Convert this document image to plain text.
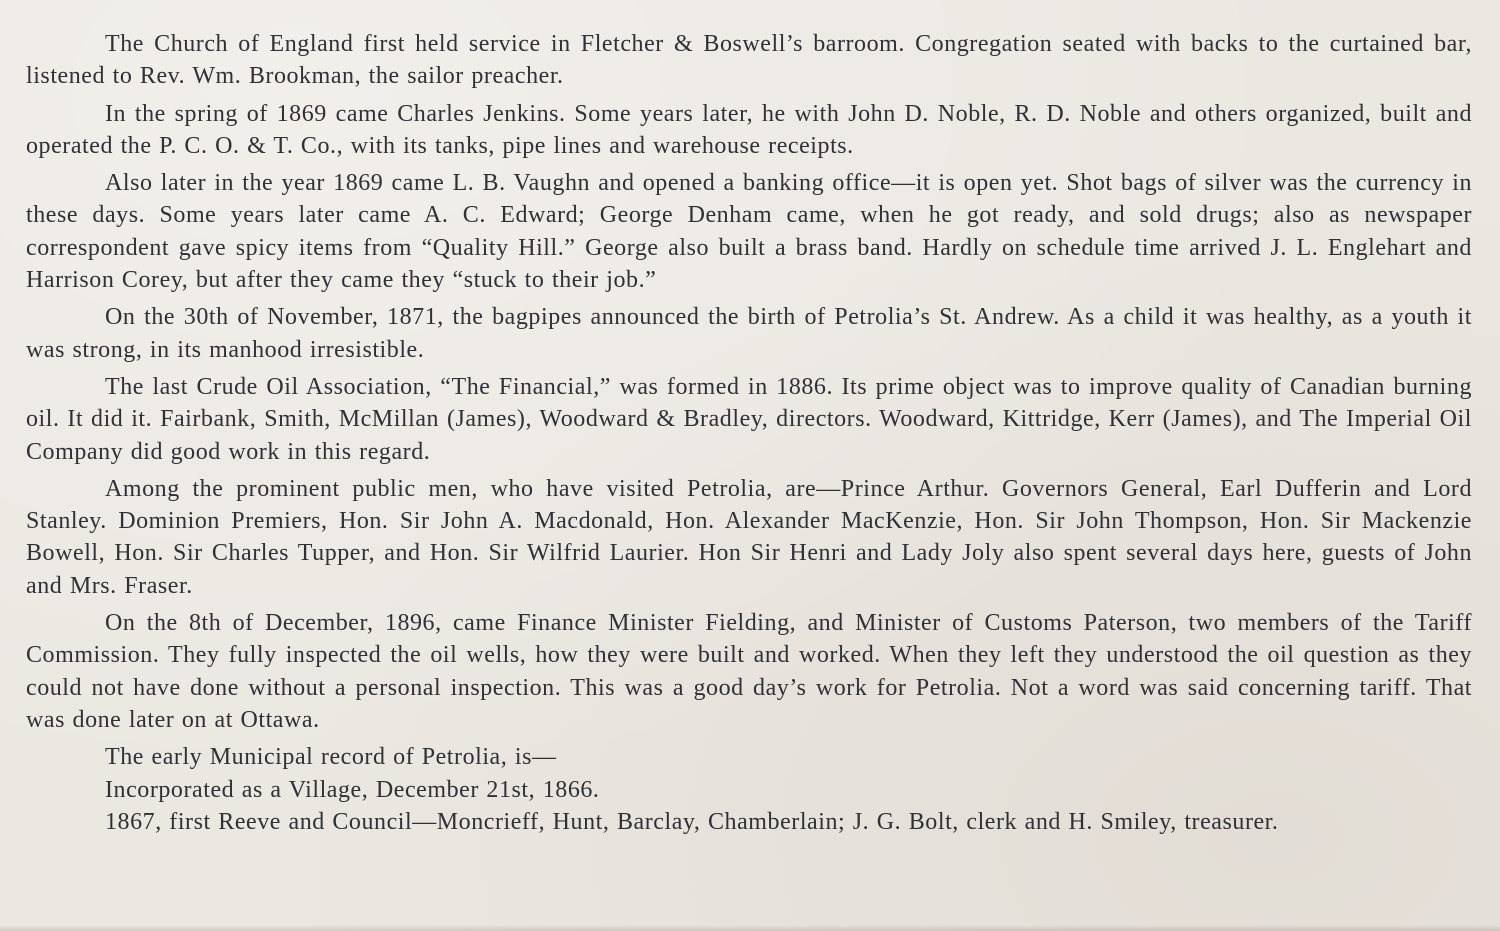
The Church of England first held service in Fletcher & Boswell’s barroom. Congregation seated with backs to the curtained bar, listened to Rev. Wm. Brookman, the sailor preacher.

In the spring of 1869 came Charles Jenkins. Some years later, he with John D. Noble, R. D. Noble and others organized, built and operated the P. C. O. & T. Co., with its tanks, pipe lines and warehouse receipts.

Also later in the year 1869 came L. B. Vaughn and opened a banking office—it is open yet. Shot bags of silver was the currency in these days. Some years later came A. C. Edward; George Denham came, when he got ready, and sold drugs; also as newspaper correspondent gave spicy items from “Quality Hill.” George also built a brass band. Hardly on schedule time arrived J. L. Englehart and Harrison Corey, but after they came they “stuck to their job.”

On the 30th of November, 1871, the bagpipes announced the birth of Petrolia’s St. Andrew. As a child it was healthy, as a youth it was strong, in its manhood irresistible.

The last Crude Oil Association, “The Financial,” was formed in 1886. Its prime object was to improve quality of Canadian burning oil. It did it. Fairbank, Smith, McMillan (James), Woodward & Bradley, directors. Woodward, Kittridge, Kerr (James), and The Imperial Oil Company did good work in this regard.

Among the prominent public men, who have visited Petrolia, are—Prince Arthur. Governors General, Earl Dufferin and Lord Stanley. Dominion Premiers, Hon. Sir John A. Macdonald, Hon. Alexander MacKenzie, Hon. Sir John Thompson, Hon. Sir Mackenzie Bowell, Hon. Sir Charles Tupper, and Hon. Sir Wilfrid Laurier. Hon Sir Henri and Lady Joly also spent several days here, guests of John and Mrs. Fraser.

On the 8th of December, 1896, came Finance Minister Fielding, and Minister of Customs Paterson, two members of the Tariff Commission. They fully inspected the oil wells, how they were built and worked. When they left they understood the oil question as they could not have done without a personal inspection. This was a good day’s work for Petrolia. Not a word was said concerning tariff. That was done later on at Ottawa.

The early Municipal record of Petrolia, is—
Incorporated as a Village, December 21st, 1866.
1867, first Reeve and Council—Moncrieff, Hunt, Barclay, Chamberlain; J. G. Bolt, clerk and H. Smiley, treasurer.
